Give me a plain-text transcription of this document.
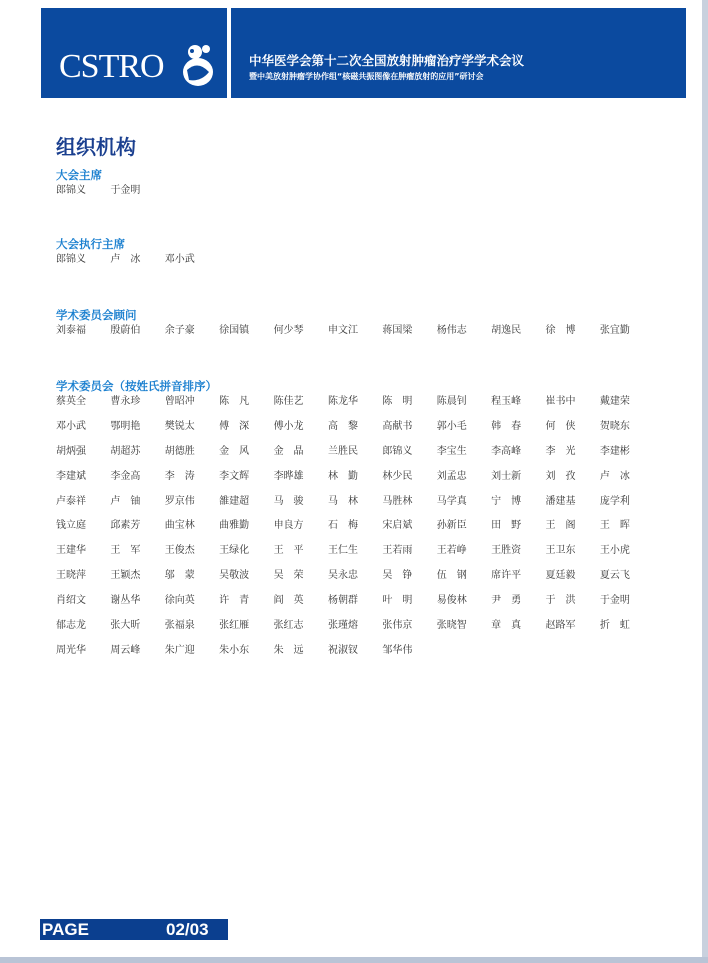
CSTRO	中华医学会第十二次全国放射肿瘤治疗学学术会议
暨中美放射肿瘤学协作组“核磁共振图像在肿瘤放射的应用”研讨会
组织机构
大会主席
郎锦义	于金明
大会执行主席
郎锦义	卢　冰	邓小武
学术委员会顾问
刘泰福	殷蔚伯	余子豪	徐国镇	何少琴	申文江	蒋国梁	杨伟志	胡逸民	徐　博	张宜勤
学术委员会（按姓氏拼音排序）
蔡英全	曹永珍	曾昭冲	陈　凡	陈佳艺	陈龙华	陈　明	陈晨钊	程玉峰	崔书中	戴建荣
邓小武	鄂明艳	樊锐太	傅　深	傅小龙	高　黎	高献书	郭小毛	韩　春	何　侠	贺晓东
胡炳强	胡超苏	胡德胜	金　风	金　晶	兰胜民	郎锦义	李宝生	李高峰	李　光	李建彬
李建斌	李金高	李　涛	李文辉	李晔雄	林　勤	林少民	刘孟忠	刘士新	刘　孜	卢　冰
卢泰祥	卢　铀	罗京伟	雒建超	马　骏	马　林	马胜林	马学真	宁　博	潘建基	庞学利
钱立庭	邱素芳	曲宝林	曲雅勤	申良方	石　梅	宋启斌	孙新臣	田　野	王　阁	王　晖
王建华	王　军	王俊杰	王绿化	王　平	王仁生	王若雨	王若峥	王胜资	王卫东	王小虎
王晓萍	王颖杰	邬　蒙	吴敬波	吴　荣	吴永忠	吴　铮	伍　钢	席许平	夏廷毅	夏云飞
肖绍文	谢丛华	徐向英	许　青	阎　英	杨朝群	叶　明	易俊林	尹　勇	于　洪	于金明
郁志龙	张大昕	张福泉	张红雁	张红志	张瑾熔	张伟京	张晓智	章　真	赵路军	折　虹
周光华	周云峰	朱广迎	朱小东	朱　远	祝淑钗	邹华伟
PAGE	02/03
